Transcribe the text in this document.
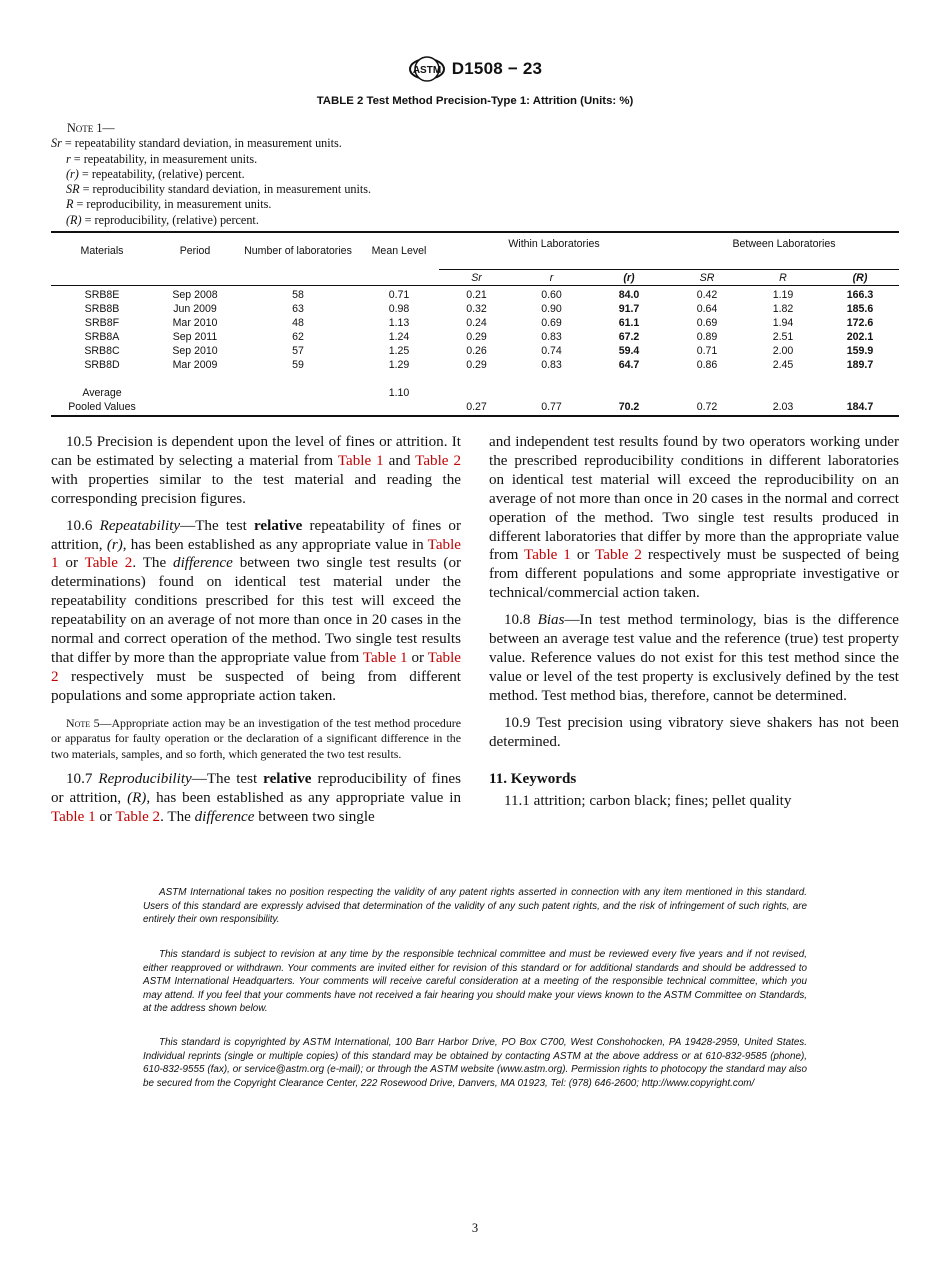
ASTM D1508 − 23
TABLE 2 Test Method Precision-Type 1: Attrition (Units: %)
Note 1—
Sr = repeatability standard deviation, in measurement units.
r = repeatability, in measurement units.
(r) = repeatability, (relative) percent.
SR = reproducibility standard deviation, in measurement units.
R = reproducibility, in measurement units.
(R) = reproducibility, (relative) percent.
Materials	Period	Number of laboratories	Mean Level	Within Laboratories			Between Laboratories		
				Sr	r	(r)	SR	R	(R)
SRB8E	Sep 2008	58	0.71	0.21	0.60	84.0	0.42	1.19	166.3
SRB8B	Jun 2009	63	0.98	0.32	0.90	91.7	0.64	1.82	185.6
SRB8F	Mar 2010	48	1.13	0.24	0.69	61.1	0.69	1.94	172.6
SRB8A	Sep 2011	62	1.24	0.29	0.83	67.2	0.89	2.51	202.1
SRB8C	Sep 2010	57	1.25	0.26	0.74	59.4	0.71	2.00	159.9
SRB8D	Mar 2009	59	1.29	0.29	0.83	64.7	0.86	2.45	189.7

Average			1.10						
Pooled Values				0.27	0.77	70.2	0.72	2.03	184.7

10.5 Precision is dependent upon the level of fines or attrition. It can be estimated by selecting a material from Table 1 and Table 2 with properties similar to the test material and reading the corresponding precision figures.

10.6 Repeatability—The test relative repeatability of fines or attrition, (r), has been established as any appropriate value in Table 1 or Table 2. The difference between two single test results (or determinations) found on identical test material under the repeatability conditions prescribed for this test will exceed the repeatability on an average of not more than once in 20 cases in the normal and correct operation of the method. Two single test results that differ by more than the appropriate value from Table 1 or Table 2 respectively must be suspected of being from different populations and some appropriate action taken.

Note 5—Appropriate action may be an investigation of the test method procedure or apparatus for faulty operation or the declaration of a significant difference in the two materials, samples, and so forth, which generated the two test results.

10.7 Reproducibility—The test relative reproducibility of fines or attrition, (R), has been established as any appropriate value in Table 1 or Table 2. The difference between two single

and independent test results found by two operators working under the prescribed reproducibility conditions in different laboratories on identical test material will exceed the reproducibility on an average of not more than once in 20 cases in the normal and correct operation of the method. Two single test results produced in different laboratories that differ by more than the appropriate value from Table 1 or Table 2 respectively must be suspected of being from different populations and some appropriate investigative or technical/commercial action taken.

10.8 Bias—In test method terminology, bias is the difference between an average test value and the reference (true) test property value. Reference values do not exist for this test method since the value or level of the test property is exclusively defined by the test method. Test method bias, therefore, cannot be determined.

10.9 Test precision using vibratory sieve shakers has not been determined.

11. Keywords

11.1 attrition; carbon black; fines; pellet quality

ASTM International takes no position respecting the validity of any patent rights asserted in connection with any item mentioned in this standard. Users of this standard are expressly advised that determination of the validity of any such patent rights, and the risk of infringement of such rights, are entirely their own responsibility.

This standard is subject to revision at any time by the responsible technical committee and must be reviewed every five years and if not revised, either reapproved or withdrawn. Your comments are invited either for revision of this standard or for additional standards and should be addressed to ASTM International Headquarters. Your comments will receive careful consideration at a meeting of the responsible technical committee, which you may attend. If you feel that your comments have not received a fair hearing you should make your views known to the ASTM Committee on Standards, at the address shown below.

This standard is copyrighted by ASTM International, 100 Barr Harbor Drive, PO Box C700, West Conshohocken, PA 19428-2959, United States. Individual reprints (single or multiple copies) of this standard may be obtained by contacting ASTM at the above address or at 610-832-9585 (phone), 610-832-9555 (fax), or service@astm.org (e-mail); or through the ASTM website (www.astm.org). Permission rights to photocopy the standard may also be secured from the Copyright Clearance Center, 222 Rosewood Drive, Danvers, MA 01923, Tel: (978) 646-2600; http://www.copyright.com/

3
